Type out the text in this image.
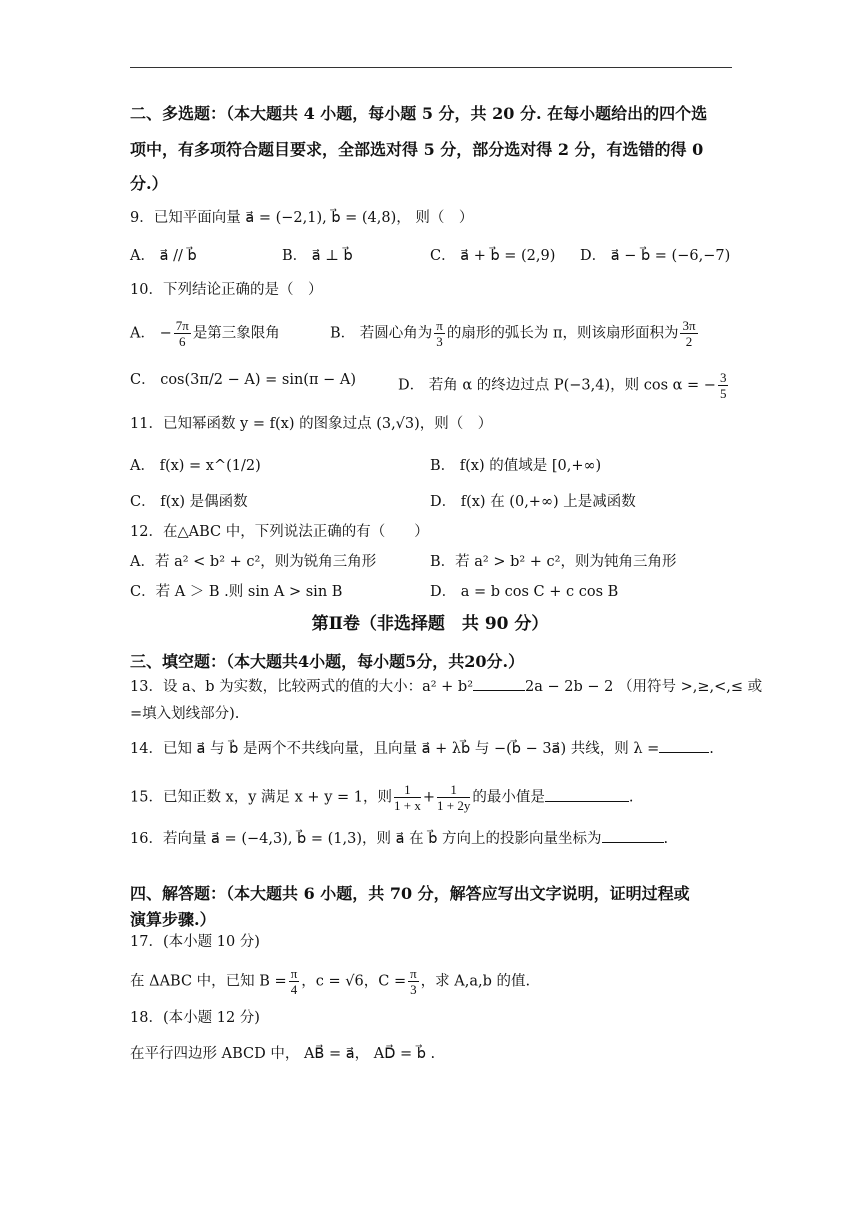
二、多选题：（本大题共 4 小题，每小题 5 分，共 20 分. 在每小题给出的四个选
项中，有多项符合题目要求，全部选对得 5 分，部分选对得 2 分，有选错的得 0
分.）
9．已知平面向量 a⃗ = (−2,1), b⃗ = (4,8)， 则（　）
A． a⃗ // b⃗	B． a⃗ ⊥ b⃗	C． a⃗ + b⃗ = (2,9) D． a⃗ − b⃗ = (−6,−7)
10．下列结论正确的是（　）
A． − $\frac{7\pi}{6}$ 是第三象限角	B． 若圆心角为 $\frac{\pi}{3}$ 的扇形的弧长为 π，则该扇形面积为 $\frac{3\pi}{2}$
C． cos(3π/2 − A) = sin(π − A)	D． 若角 α 的终边过点 P(−3,4)，则 cos α = − $\frac{3}{5}$
11．已知幂函数 y = f(x) 的图象过点 (3,√3)，则（　）
A． f(x) = x^(1/2)	B． f(x) 的值域是 [0,+∞)
C． f(x) 是偶函数	D． f(x) 在 (0,+∞) 上是减函数
12．在△ABC 中，下列说法正确的有（　　）
A．若 a² < b² + c²，则为锐角三角形	B．若 a² > b² + c²，则为钝角三角形
C．若 A ＞ B .则 sin A > sin B	D． a = b cos C + c cos B
第Ⅱ卷（非选择题　共 90 分）
三、填空题：（本大题共4小题，每小题5分，共20分.）
13．设 a、b 为实数，比较两式的值的大小：a² + b²	2a − 2b − 2 （用符号 >,≥,<,≤ 或
=填入划线部分).
14．已知 a⃗ 与 b⃗ 是两个不共线向量，且向量 a⃗ + λb⃗ 与 −(b⃗ − 3a⃗) 共线，则 λ =	.
15．已知正数 x，y 满足 x + y = 1，则 $\frac{1}{1 + x} + \frac{1}{1 + 2y}$ 的最小值是	.
16．若向量 a⃗ = (−4,3), b⃗ = (1,3)，则 a⃗ 在 b⃗ 方向上的投影向量坐标为	.
四、解答题：（本大题共 6 小题，共 70 分，解答应写出文字说明，证明过程或
演算步骤.）
17．(本小题 10 分)
在 ΔABC 中，已知 $B = \frac{\pi}{4}$ ，c = √6，$C = \frac{\pi}{3}$ ，求 A,a,b 的值.
18．(本小题 12 分)
在平行四边形 ABCD 中， AB⃗ = a⃗， AD⃗ = b⃗ .
